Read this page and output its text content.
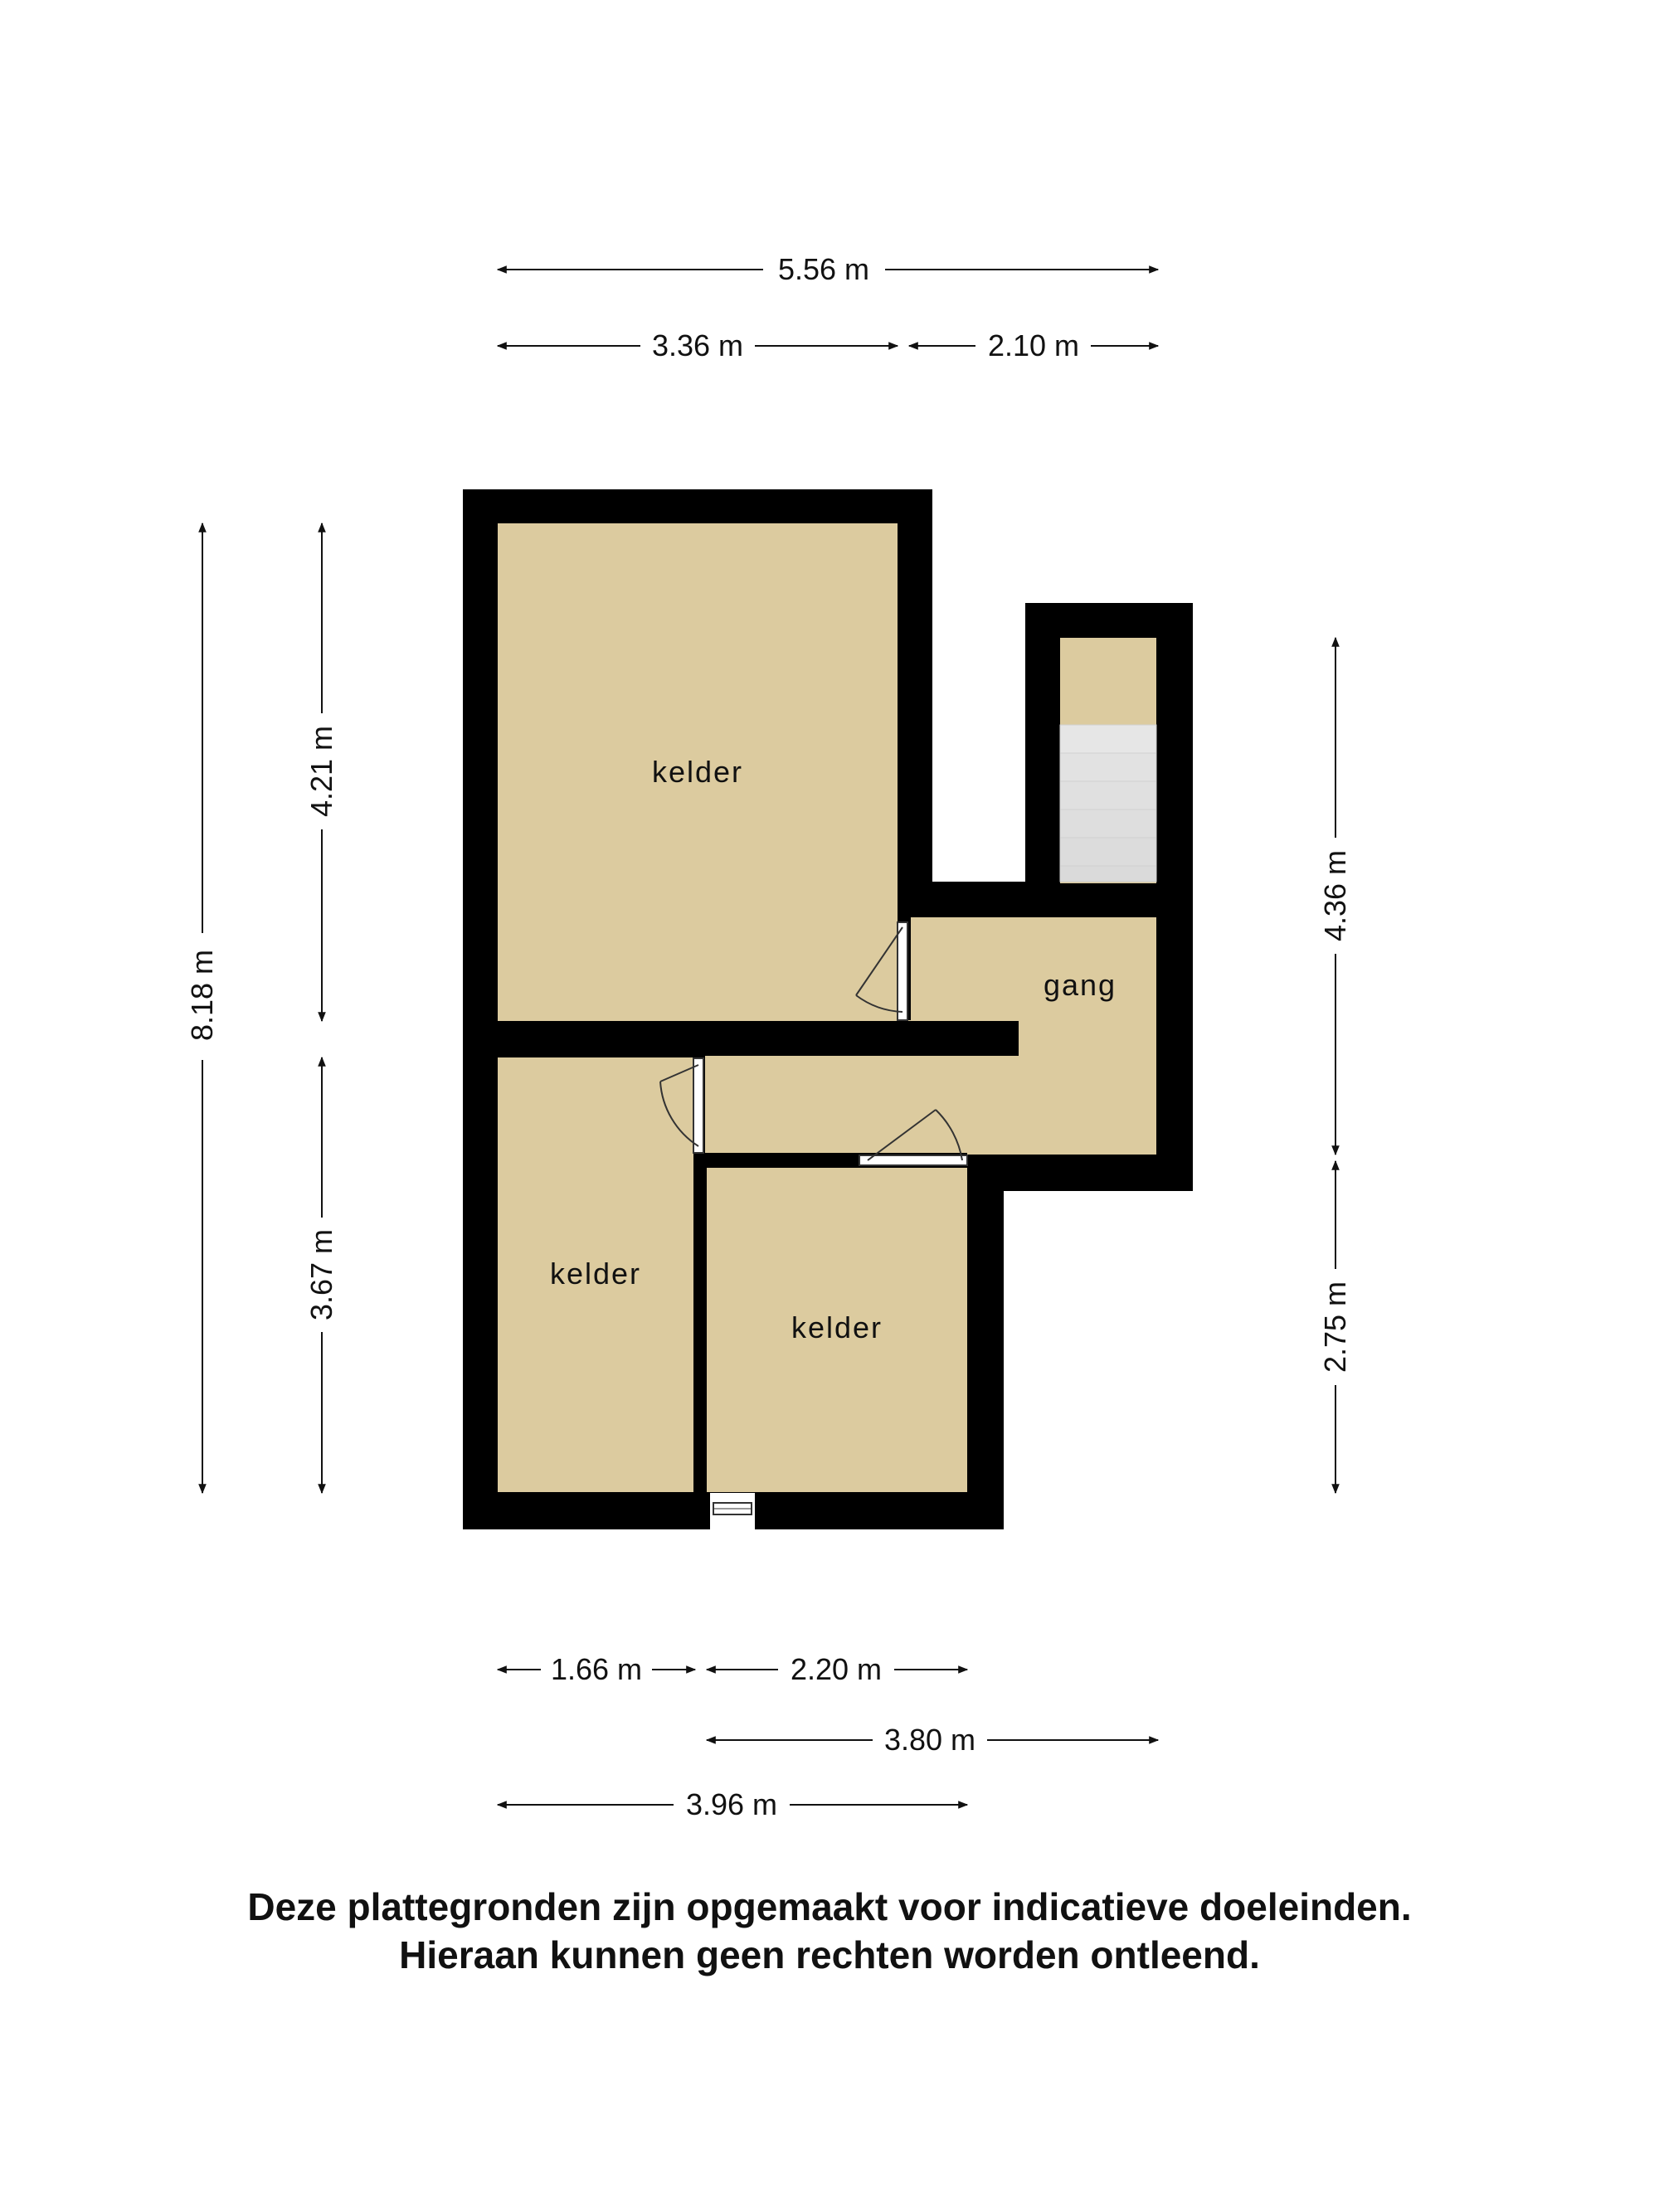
kelder
gang
kelder
kelder
5.56 m
3.36 m	2.10 m
8.18 m
4.21 m
3.67 m
4.36 m
2.75 m
1.66 m	2.20 m
3.80 m
3.96 m
Deze plattegronden zijn opgemaakt voor indicatieve doeleinden.
Hieraan kunnen geen rechten worden ontleend.
